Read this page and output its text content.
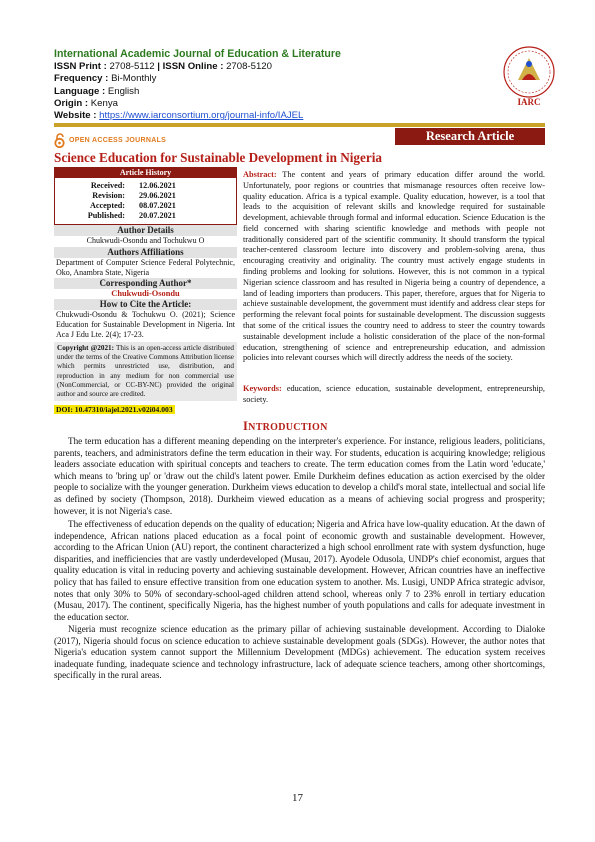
International Academic Journal of Education & Literature
ISSN Print : 2708-5112 | ISSN Online : 2708-5120
Frequency : Bi-Monthly
Language : English
Origin : Kenya
Website : https://www.iarconsortium.org/journal-info/IAJEL
IARC
OPEN ACCESS JOURNALS	Research Article
Science Education for Sustainable Development in Nigeria
Article History
Received:	12.06.2021
Revision:	29.06.2021
Accepted:	08.07.2021
Published:	20.07.2021
Author Details
Chukwudi-Osondu and Tochukwu O
Authors Affiliations
Department of Computer Science Federal Polytechnic, Oko, Anambra State, Nigeria
Corresponding Author*
Chukwudi-Osondu
How to Cite the Article:
Chukwudi-Osondu & Tochukwu O. (2021); Science Education for Sustainable Development in Nigeria. Int Aca J Edu Lte. 2(4); 17-23.
Copyright @2021: This is an open-access article distributed under the terms of the Creative Commons Attribution license which permits unrestricted use, distribution, and reproduction in any medium for non commercial use (NonCommercial, or CC-BY-NC) provided the original author and source are credited.
DOI: 10.47310/iajel.2021.v02i04.003
Abstract: The content and years of primary education differ around the world. Unfortunately, poor regions or countries that mismanage resources often receive low-quality education. Africa is a typical example. Quality education, however, is a tool that leads to the acquisition of relevant skills and knowledge required for sustainable development, achievable through formal and informal education. Science Education is the field concerned with sharing scientific knowledge and methods with people not traditionally considered part of the scientific community. It should transform the typical teacher-centered classroom lecture into discovery and problem-solving arena, thus encouraging creativity and originality. The country must actively engage students in finding problems and looking for solutions. However, this is not common in a typical Nigerian science classroom and has resulted in Nigeria being a country of dependence, a land of leading importers than producers. This paper, therefore, argues that for Nigeria to achieve sustainable development, the government must identify and address clear steps for performing the relevant focal points for sustainable development. The discussion suggests that some of the critical issues the country need to address to steer the country towards sustainable development include a holistic consideration of the place of the non-formal education, strengthening of science and entrepreneurship education, and admission policies into relevant courses which will directly address the needs of the society.
Keywords: education, science education, sustainable development, entrepreneurship, society.
INTRODUCTION

The term education has a different meaning depending on the interpreter's experience. For instance, religious leaders, politicians, parents, teachers, and administrators define the term education in their way. For students, education is acquiring knowledge; religious leaders associate education with spiritual concepts and teachers to create. The term education comes from the Latin word 'educate,' which means to 'bring up' or 'draw out the child's latent power. Emile Durkheim defines education as action exercised by the older people to socialize with the younger generation. Durkheim views education to develop a child's moral state, intellectual and social life as defined by society (Thompson, 2018). Durkheim viewed education as a means of achieving social progress and prosperity; however, it is not Nigeria's case.

The effectiveness of education depends on the quality of education; Nigeria and Africa have low-quality education. At the dawn of independence, African nations placed education as a focal point of economic growth and sustainable development. However, according to the African Union (AU) report, the continent characterized a high school enrollment rate with system dysfunction, huge disparities, and inefficiencies that are vastly underdeveloped (Musau, 2017). Ayodele Odusola, UNDP's chief economist, argues that quality education is vital in reducing poverty and achieving sustainable development. However, African countries have an ineffective policy that has failed to ensure effective transition from one education system to another. Ms. Lusigi, UNDP Africa strategic advisor, notes that only 30% to 50% of secondary-school-aged children attend school, whereas only 7 to 23% enroll in tertiary education (Musau, 2017). The continent, specifically Nigeria, has the highest number of youth populations and calls for adequate investment in the education sector.

Nigeria must recognize science education as the primary pillar of achieving sustainable development. According to Dialoke (2017), Nigeria should focus on science education to achieve sustainable development goals (SDGs). However, the author notes that Nigeria's education system cannot support the Millennium Development (MDGs) achievement. The education system receives inadequate funding, inadequate science and technology infrastructure, lack of adequate science teachers, among other shortcomings, specifically in the rural areas.

17
